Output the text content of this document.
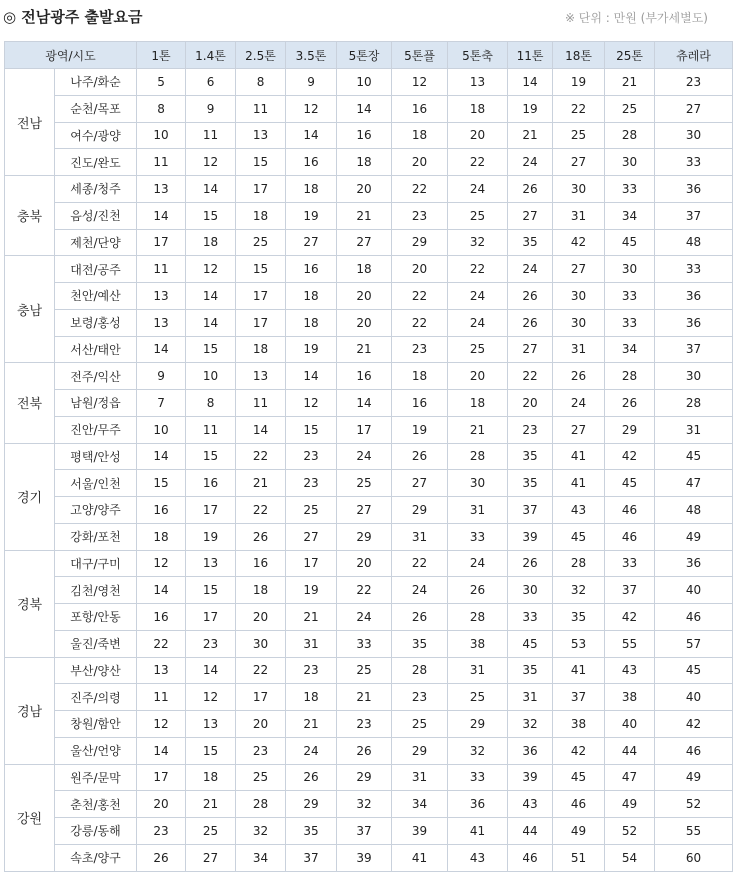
◎ 전남광주 출발요금	※ 단위 : 만원 (부가세별도)
광역/시도		1톤	1.4톤	2.5톤	3.5톤	5톤장	5톤플	5톤축	11톤	18톤	25톤	츄레라
전남	나주/화순	5	6	8	9	10	12	13	14	19	21	23
	순천/목포	8	9	11	12	14	16	18	19	22	25	27
	여수/광양	10	11	13	14	16	18	20	21	25	28	30
	진도/완도	11	12	15	16	18	20	22	24	27	30	33
충북	세종/청주	13	14	17	18	20	22	24	26	30	33	36
	음성/진천	14	15	18	19	21	23	25	27	31	34	37
	제천/단양	17	18	25	27	27	29	32	35	42	45	48
충남	대전/공주	11	12	15	16	18	20	22	24	27	30	33
	천안/예산	13	14	17	18	20	22	24	26	30	33	36
	보령/홍성	13	14	17	18	20	22	24	26	30	33	36
	서산/태안	14	15	18	19	21	23	25	27	31	34	37
전북	전주/익산	9	10	13	14	16	18	20	22	26	28	30
	남원/정읍	7	8	11	12	14	16	18	20	24	26	28
	진안/무주	10	11	14	15	17	19	21	23	27	29	31
경기	평택/안성	14	15	22	23	24	26	28	35	41	42	45
	서울/인천	15	16	21	23	25	27	30	35	41	45	47
	고양/양주	16	17	22	25	27	29	31	37	43	46	48
	강화/포천	18	19	26	27	29	31	33	39	45	46	49
경북	대구/구미	12	13	16	17	20	22	24	26	28	33	36
	김천/영천	14	15	18	19	22	24	26	30	32	37	40
	포항/안동	16	17	20	21	24	26	28	33	35	42	46
	울진/죽변	22	23	30	31	33	35	38	45	53	55	57
경남	부산/양산	13	14	22	23	25	28	31	35	41	43	45
	진주/의령	11	12	17	18	21	23	25	31	37	38	40
	창원/함안	12	13	20	21	23	25	29	32	38	40	42
	울산/언양	14	15	23	24	26	29	32	36	42	44	46
강원	원주/문막	17	18	25	26	29	31	33	39	45	47	49
	춘천/홍천	20	21	28	29	32	34	36	43	46	49	52
	강릉/동해	23	25	32	35	37	39	41	44	49	52	55
	속초/양구	26	27	34	37	39	41	43	46	51	54	60
